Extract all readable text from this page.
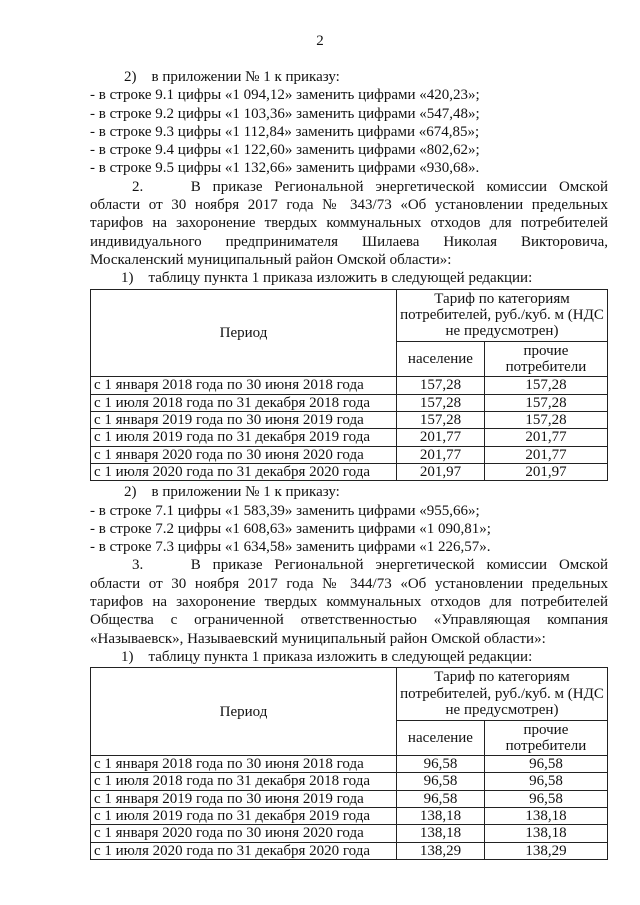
2
2)    в приложении № 1 к приказу:
- в строке 9.1 цифры «1 094,12» заменить цифрами «420,23»;
- в строке 9.2 цифры «1 103,36» заменить цифрами «547,48»;
- в строке 9.3 цифры «1 112,84» заменить цифрами «674,85»;
- в строке 9.4 цифры «1 122,60» заменить цифрами «802,62»;
- в строке 9.5 цифры «1 132,66» заменить цифрами «930,68».
2.    В приказе Региональной энергетической комиссии Омской
области от 30 ноября 2017 года № 343/73 «Об установлении предельных
тарифов на захоронение твердых коммунальных отходов для потребителей
индивидуального предпринимателя Шилаева Николая Викторовича,
Москаленский муниципальный район Омской области»:
1)    таблицу пункта 1 приказа изложить в следующей редакции:
Период	Тариф по категориям потребителей, руб./куб. м (НДС не предусмотрен)	
	население	прочие потребители
с 1 января 2018 года по 30 июня 2018 года	157,28	157,28
с 1 июля 2018 года по 31 декабря 2018 года	157,28	157,28
с 1 января 2019 года по 30 июня 2019 года	157,28	157,28
с 1 июля 2019 года по 31 декабря 2019 года	201,77	201,77
с 1 января 2020 года по 30 июня 2020 года	201,77	201,77
с 1 июля 2020 года по 31 декабря 2020 года	201,97	201,97
2)    в приложении № 1 к приказу:
- в строке 7.1 цифры «1 583,39» заменить цифрами «955,66»;
- в строке 7.2 цифры «1 608,63» заменить цифрами «1 090,81»;
- в строке 7.3 цифры «1 634,58» заменить цифрами «1 226,57».
3.    В приказе Региональной энергетической комиссии Омской
области от 30 ноября 2017 года № 344/73 «Об установлении предельных
тарифов на захоронение твердых коммунальных отходов для потребителей
Общества с ограниченной ответственностью «Управляющая компания
«Называевск», Называевский муниципальный район Омской области»:
1)    таблицу пункта 1 приказа изложить в следующей редакции:
Период	Тариф по категориям потребителей, руб./куб. м (НДС не предусмотрен)	
	население	прочие потребители
с 1 января 2018 года по 30 июня 2018 года	96,58	96,58
с 1 июля 2018 года по 31 декабря 2018 года	96,58	96,58
с 1 января 2019 года по 30 июня 2019 года	96,58	96,58
с 1 июля 2019 года по 31 декабря 2019 года	138,18	138,18
с 1 января 2020 года по 30 июня 2020 года	138,18	138,18
с 1 июля 2020 года по 31 декабря 2020 года	138,29	138,29
